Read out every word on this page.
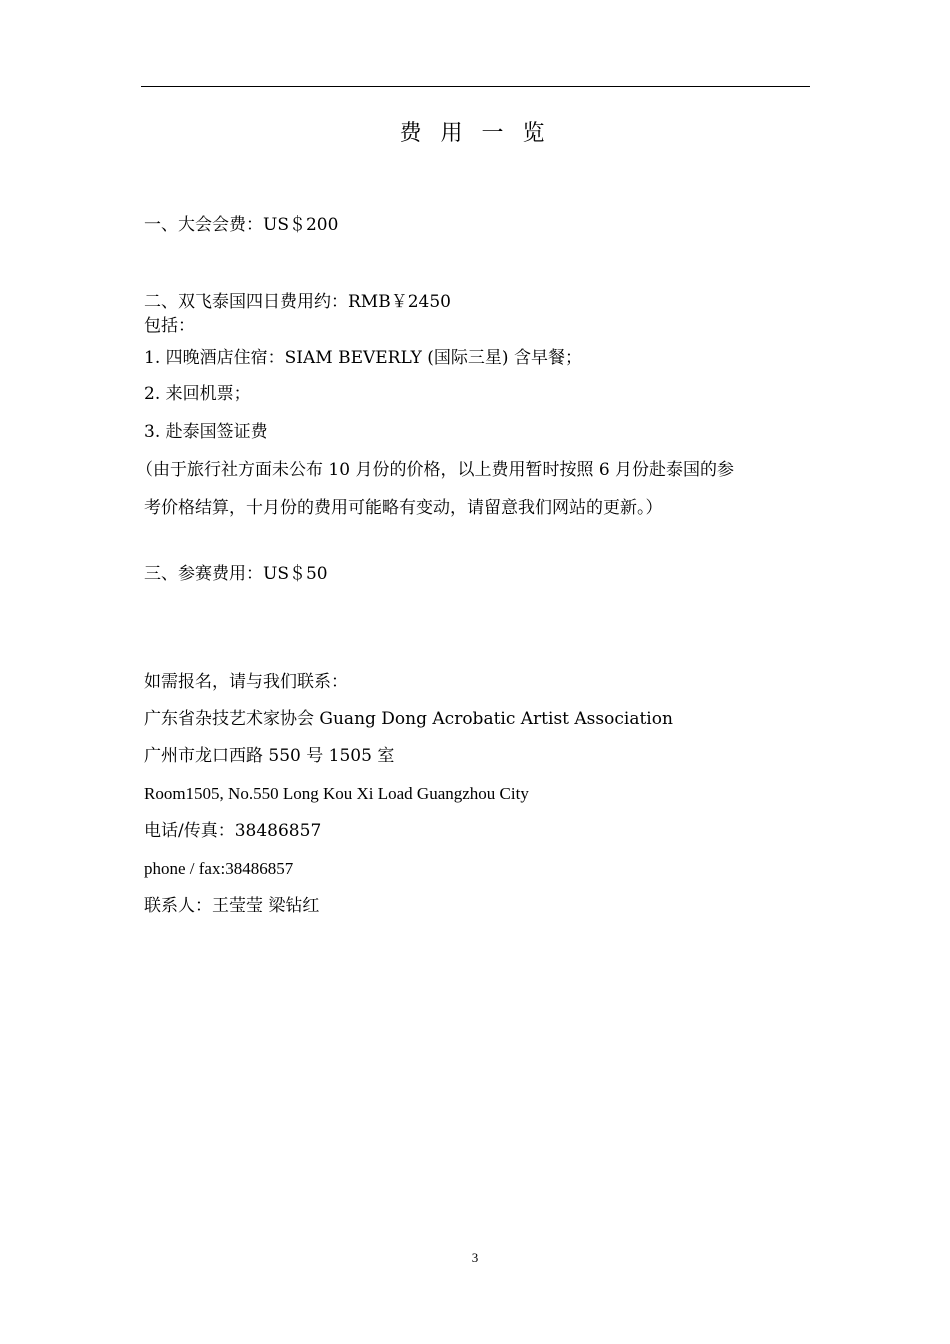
费 用 一 览
一、大会会费：US＄200
二、双飞泰国四日费用约：RMB￥2450
包括：
1. 四晚酒店住宿：SIAM BEVERLY (国际三星) 含早餐；
2. 来回机票；
3. 赴泰国签证费
（由于旅行社方面未公布 10 月份的价格，以上费用暂时按照 6 月份赴泰国的参
考价格结算，十月份的费用可能略有变动，请留意我们网站的更新。）
三、参赛费用：US＄50
如需报名，请与我们联系：
广东省杂技艺术家协会 Guang Dong Acrobatic Artist Association
广州市龙口西路 550 号 1505 室
Room1505, No.550 Long Kou Xi Load Guangzhou City
电话/传真：38486857
phone / fax:38486857
联系人：王莹莹 梁钻红
3
